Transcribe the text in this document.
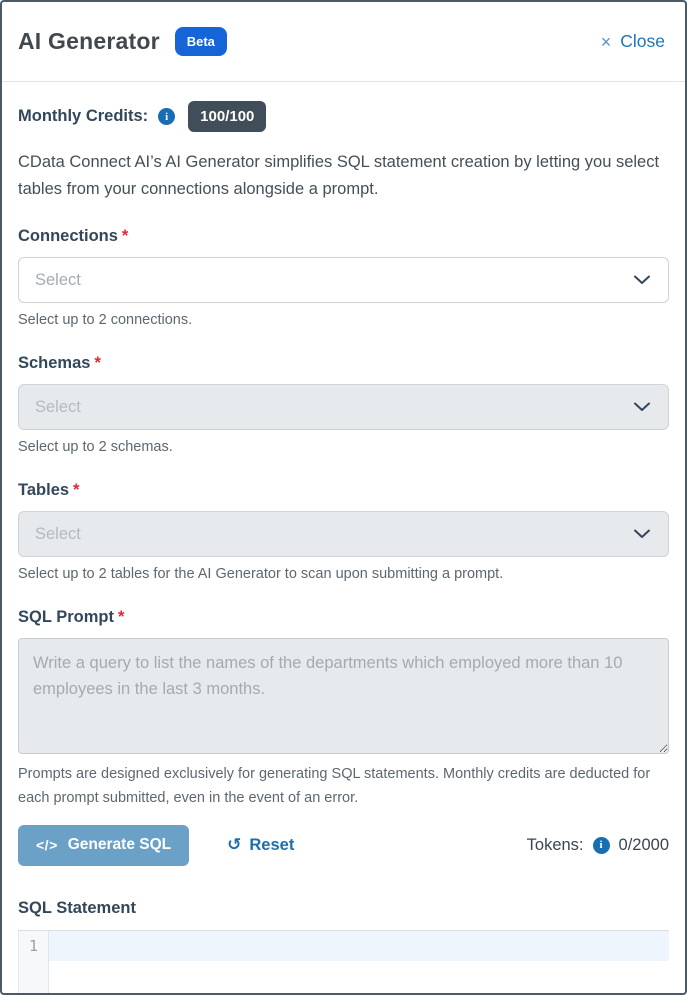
AI Generator	Beta	× Close
Monthly Credits:	i	100/100

CData Connect AI’s AI Generator simplifies SQL statement creation by letting you select tables from your connections alongside a prompt.

Connections *
Select
Select up to 2 connections.
Schemas *
Select
Select up to 2 schemas.
Tables *
Select
Select up to 2 tables for the AI Generator to scan upon submitting a prompt.
SQL Prompt *
Write a query to list the names of the departments which employed more than 10 employees in the last 3 months.
Prompts are designed exclusively for generating SQL statements. Monthly credits are deducted for each prompt submitted, even in the event of an error.
</> Generate SQL	↺ Reset	Tokens:	i 0/2000
SQL Statement
1
